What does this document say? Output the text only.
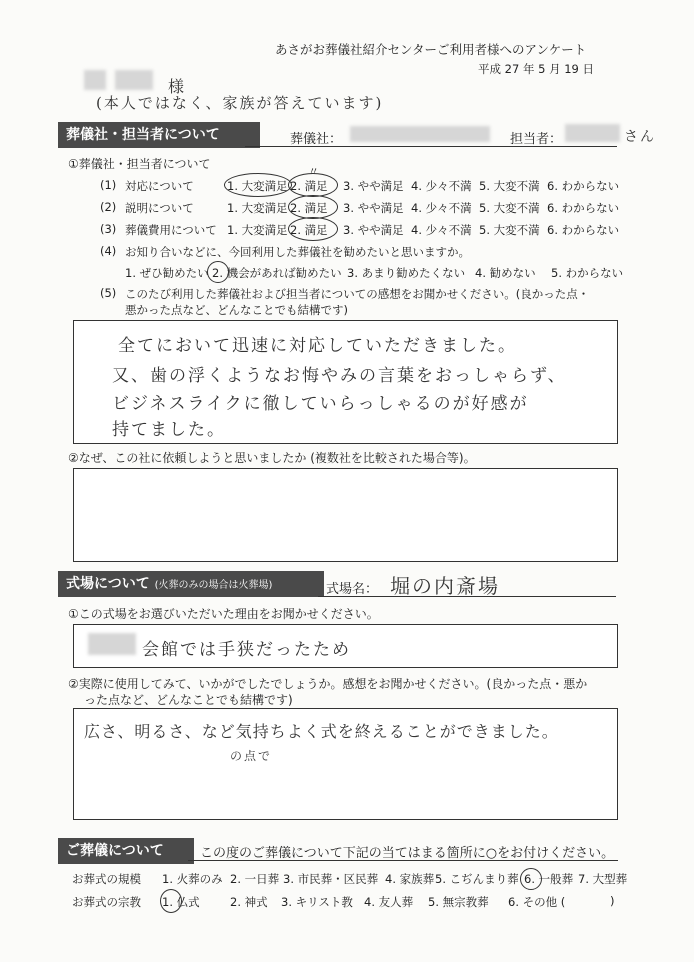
あさがお葬儀社紹介センターご利用者様へのアンケート
平成 27 年 5 月 19 日
様
(本人ではなく、家族が答えています)
葬儀社・担当者について	葬儀社：	担当者：	さん
①葬儀社・担当者について
(1) 対応について	1. 大変満足 2. 満足 3. やや満足 4. 少々不満 5. 大変不満 6. わからない
〃
(2) 説明について	1. 大変満足 2. 満足 3. やや満足 4. 少々不満 5. 大変不満 6. わからない
(3) 葬儀費用について 1. 大変満足 2. 満足 3. やや満足 4. 少々不満 5. 大変不満 6. わからない
(4) お知り合いなどに、今回利用した葬儀社を勧めたいと思いますか。
1. ぜひ勧めたい 2. 機会があれば勧めたい 3. あまり勧めたくない 4. 勧めない 5. わからない
(5) このたび利用した葬儀社および担当者についての感想をお聞かせください。(良かった点・
悪かった点など、どんなことでも結構です)
全てにおいて迅速に対応していただきました。
又、歯の浮くようなお悔やみの言葉をおっしゃらず、
ビジネスライクに徹していらっしゃるのが好感が
持てました。
②なぜ、この社に依頼しようと思いましたか (複数社を比較された場合等)。
式場について (火葬のみの場合は火葬場)	式場名： 堀の内斎場
①この式場をお選びいただいた理由をお聞かせください。
会館では手狭だったため
②実際に使用してみて、いかがでしたでしょうか。感想をお聞かせください。(良かった点・悪か
った点など、どんなことでも結構です)
広さ、明るさ、など気持ちよく式を終えることができました。
の点で
ご葬儀について	この度のご葬儀について下記の当てはまる箇所に○をお付けください。
お葬式の規模 1. 火葬のみ 2. 一日葬 3. 市民葬・区民葬 4. 家族葬 5. こぢんまり葬 6. 一般葬 7. 大型葬
お葬式の宗教 1. 仏式	2. 神式 3. キリスト教 4. 友人葬 5. 無宗教葬 6. その他 (	)
